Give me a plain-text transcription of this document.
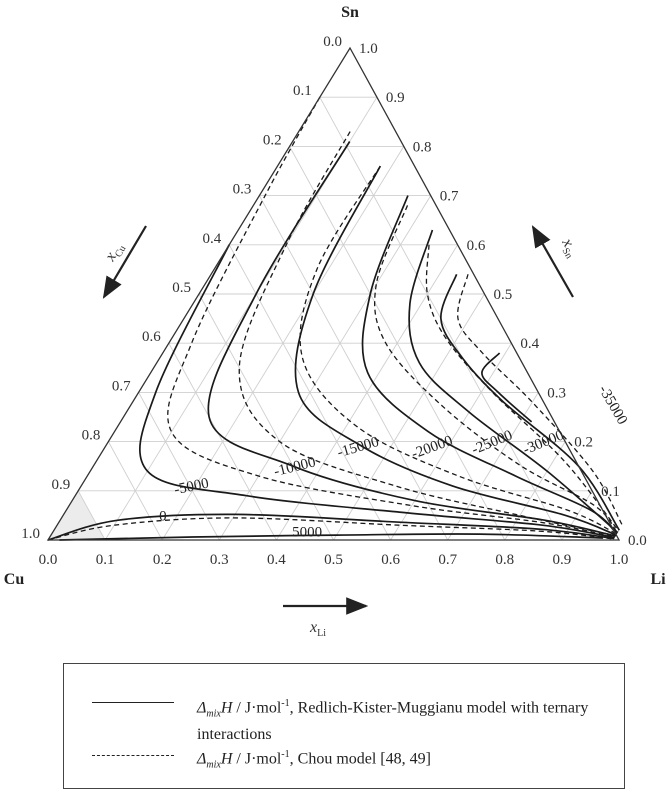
0.0	0.1	0.2	0.3	0.4	0.5	0.6	0.7	0.8	0.9	1.0
0.0
0.1
0.2
0.3
0.4
0.5
0.6
0.7
0.8
0.9
1.0
0.0
0.1
0.2
0.3
0.4
0.5
0.6
0.7
0.8
0.9
1.0	5000
0
-5000
-10000
-15000 -20000 -25000 -30000
-35000
Sn
Cu	Li
$x_{Li}$
$x_{Cu}$
$x_{Sn}$
$\Delta_{mix}H / J\cdot mol^{-1}$, Redlich-Kister-Muggianu model with ternary interactions
$\Delta_{mix}H / J\cdot mol^{-1}$, Chou model [48, 49]
